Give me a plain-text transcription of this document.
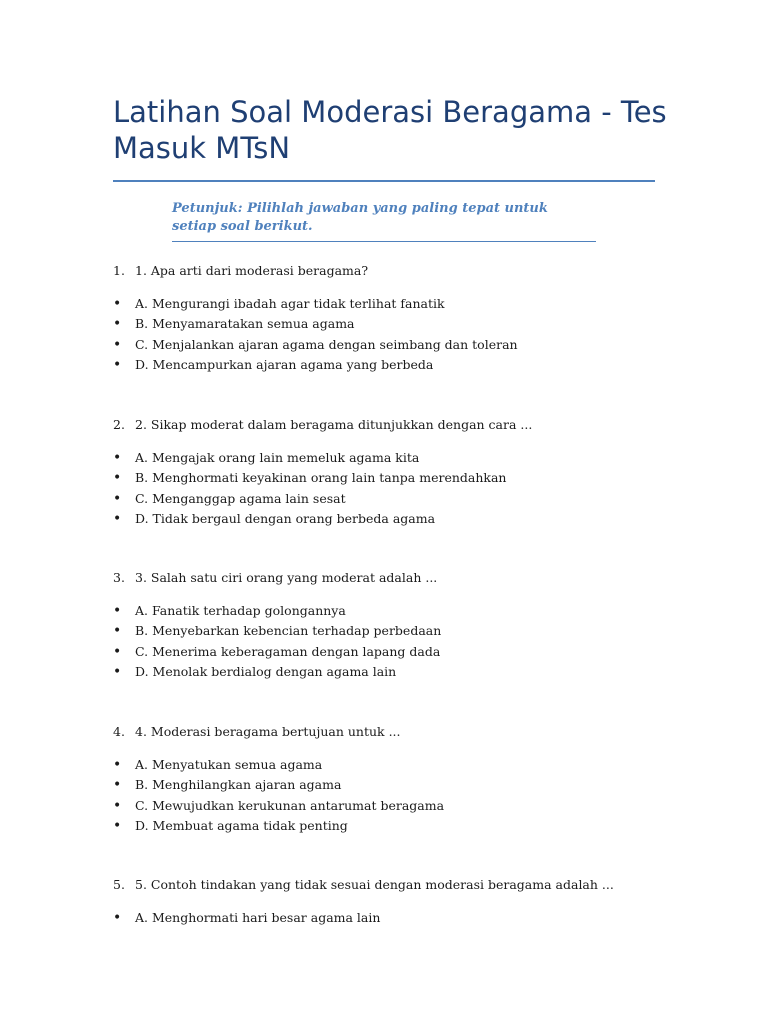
Latihan Soal Moderasi Beragama - Tes Masuk MTsN
Petunjuk: Pilihlah jawaban yang paling tepat untuk setiap soal berikut.
1. 1. Apa arti dari moderasi beragama?
• A. Mengurangi ibadah agar tidak terlihat fanatik
• B. Menyamaratakan semua agama
• C. Menjalankan ajaran agama dengan seimbang dan toleran
• D. Mencampurkan ajaran agama yang berbeda
2. 2. Sikap moderat dalam beragama ditunjukkan dengan cara ...
• A. Mengajak orang lain memeluk agama kita
• B. Menghormati keyakinan orang lain tanpa merendahkan
• C. Menganggap agama lain sesat
• D. Tidak bergaul dengan orang berbeda agama
3. 3. Salah satu ciri orang yang moderat adalah ...
• A. Fanatik terhadap golongannya
• B. Menyebarkan kebencian terhadap perbedaan
• C. Menerima keberagaman dengan lapang dada
• D. Menolak berdialog dengan agama lain
4. 4. Moderasi beragama bertujuan untuk ...
• A. Menyatukan semua agama
• B. Menghilangkan ajaran agama
• C. Mewujudkan kerukunan antarumat beragama
• D. Membuat agama tidak penting
5. 5. Contoh tindakan yang tidak sesuai dengan moderasi beragama adalah ...
• A. Menghormati hari besar agama lain
